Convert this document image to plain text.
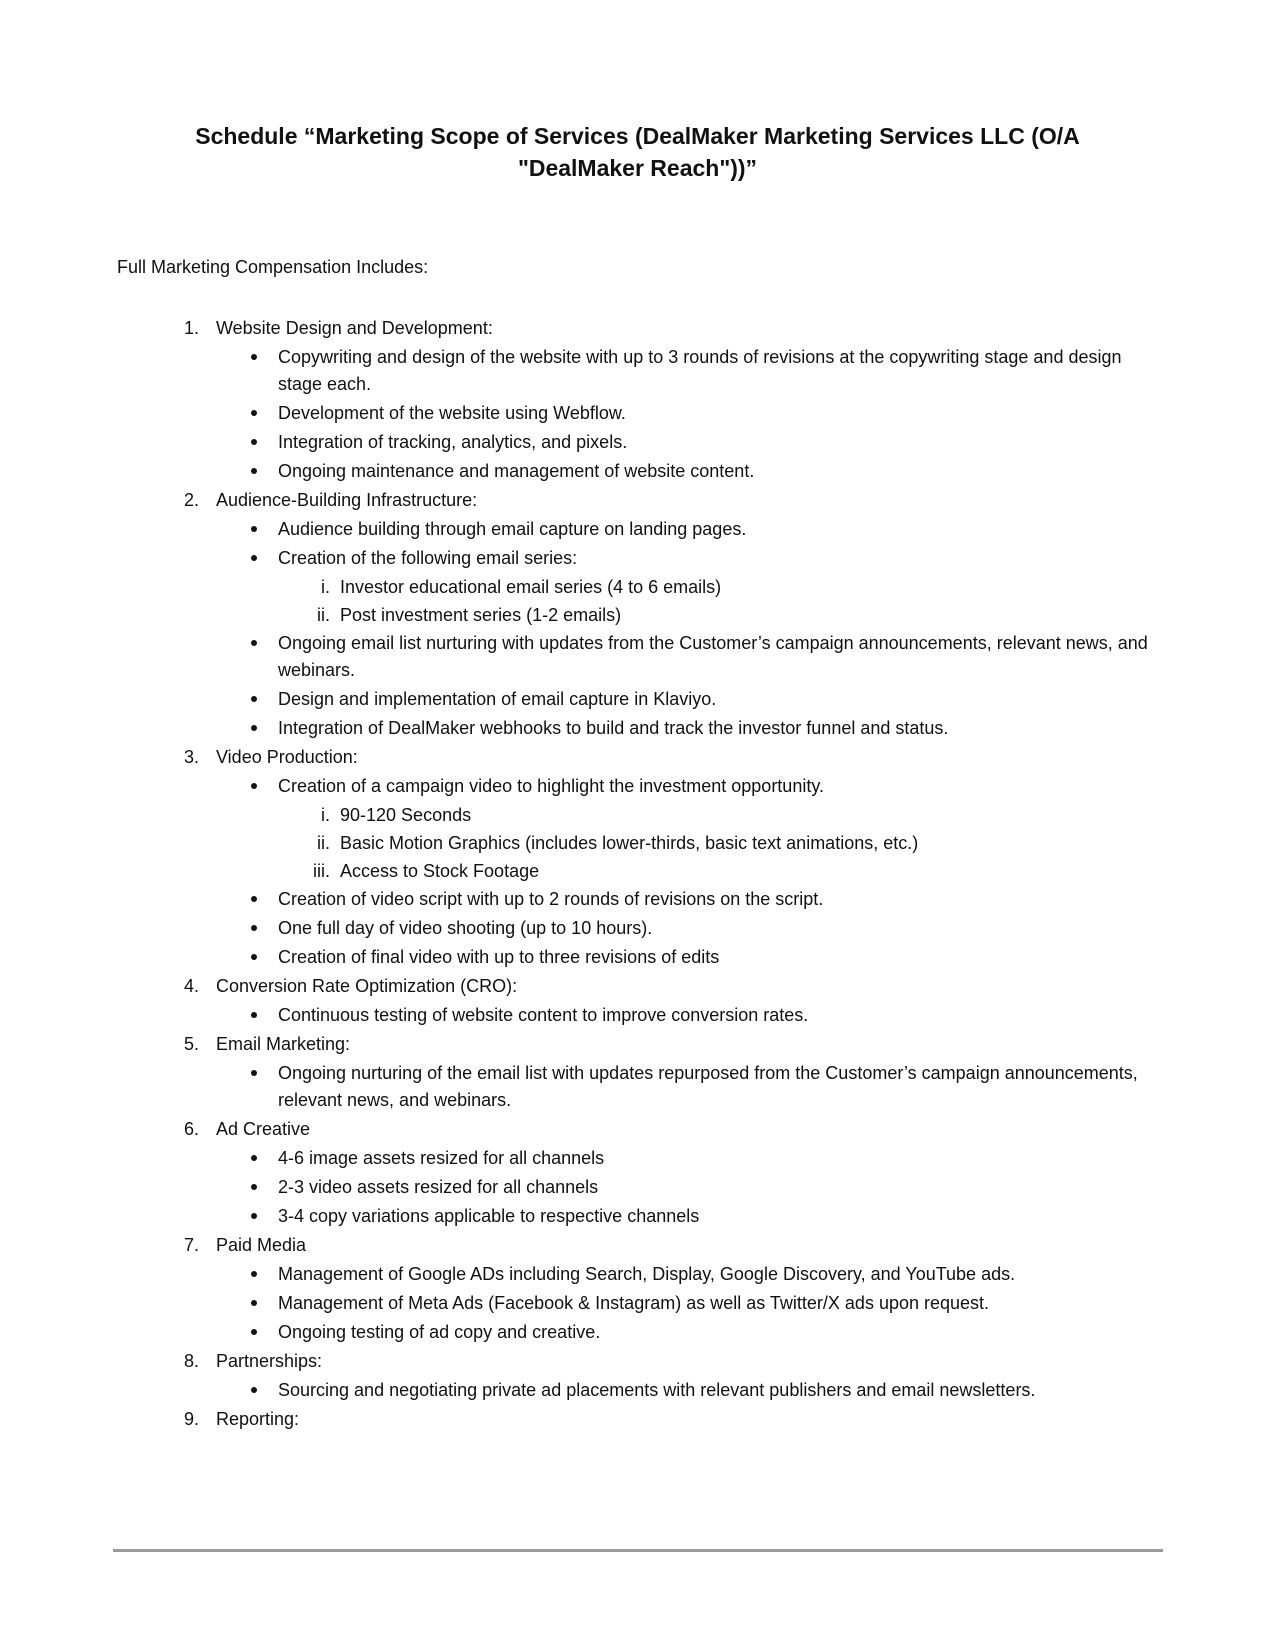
Schedule “Marketing Scope of Services (DealMaker Marketing Services LLC (O/A
"DealMaker Reach"))”

Full Marketing Compensation Includes:

1. Website Design and Development:
Copywriting and design of the website with up to 3 rounds of revisions at the copywriting stage and design stage each.
Development of the website using Webflow.
Integration of tracking, analytics, and pixels.
Ongoing maintenance and management of website content.
2. Audience-Building Infrastructure:
Audience building through email capture on landing pages.
Creation of the following email series:
i. Investor educational email series (4 to 6 emails)
ii. Post investment series (1-2 emails)
Ongoing email list nurturing with updates from the Customer’s campaign announcements, relevant news, and webinars.
Design and implementation of email capture in Klaviyo.
Integration of DealMaker webhooks to build and track the investor funnel and status.
3. Video Production:
Creation of a campaign video to highlight the investment opportunity.
i. 90-120 Seconds
ii. Basic Motion Graphics (includes lower-thirds, basic text animations, etc.)
iii. Access to Stock Footage
Creation of video script with up to 2 rounds of revisions on the script.
One full day of video shooting (up to 10 hours).
Creation of final video with up to three revisions of edits
4. Conversion Rate Optimization (CRO):
Continuous testing of website content to improve conversion rates.
5. Email Marketing:
Ongoing nurturing of the email list with updates repurposed from the Customer’s campaign announcements, relevant news, and webinars.
6. Ad Creative
4-6 image assets resized for all channels
2-3 video assets resized for all channels
3-4 copy variations applicable to respective channels
7. Paid Media
Management of Google ADs including Search, Display, Google Discovery, and YouTube ads.
Management of Meta Ads (Facebook & Instagram) as well as Twitter/X ads upon request.
Ongoing testing of ad copy and creative.
8. Partnerships:
Sourcing and negotiating private ad placements with relevant publishers and email newsletters.
9. Reporting:
